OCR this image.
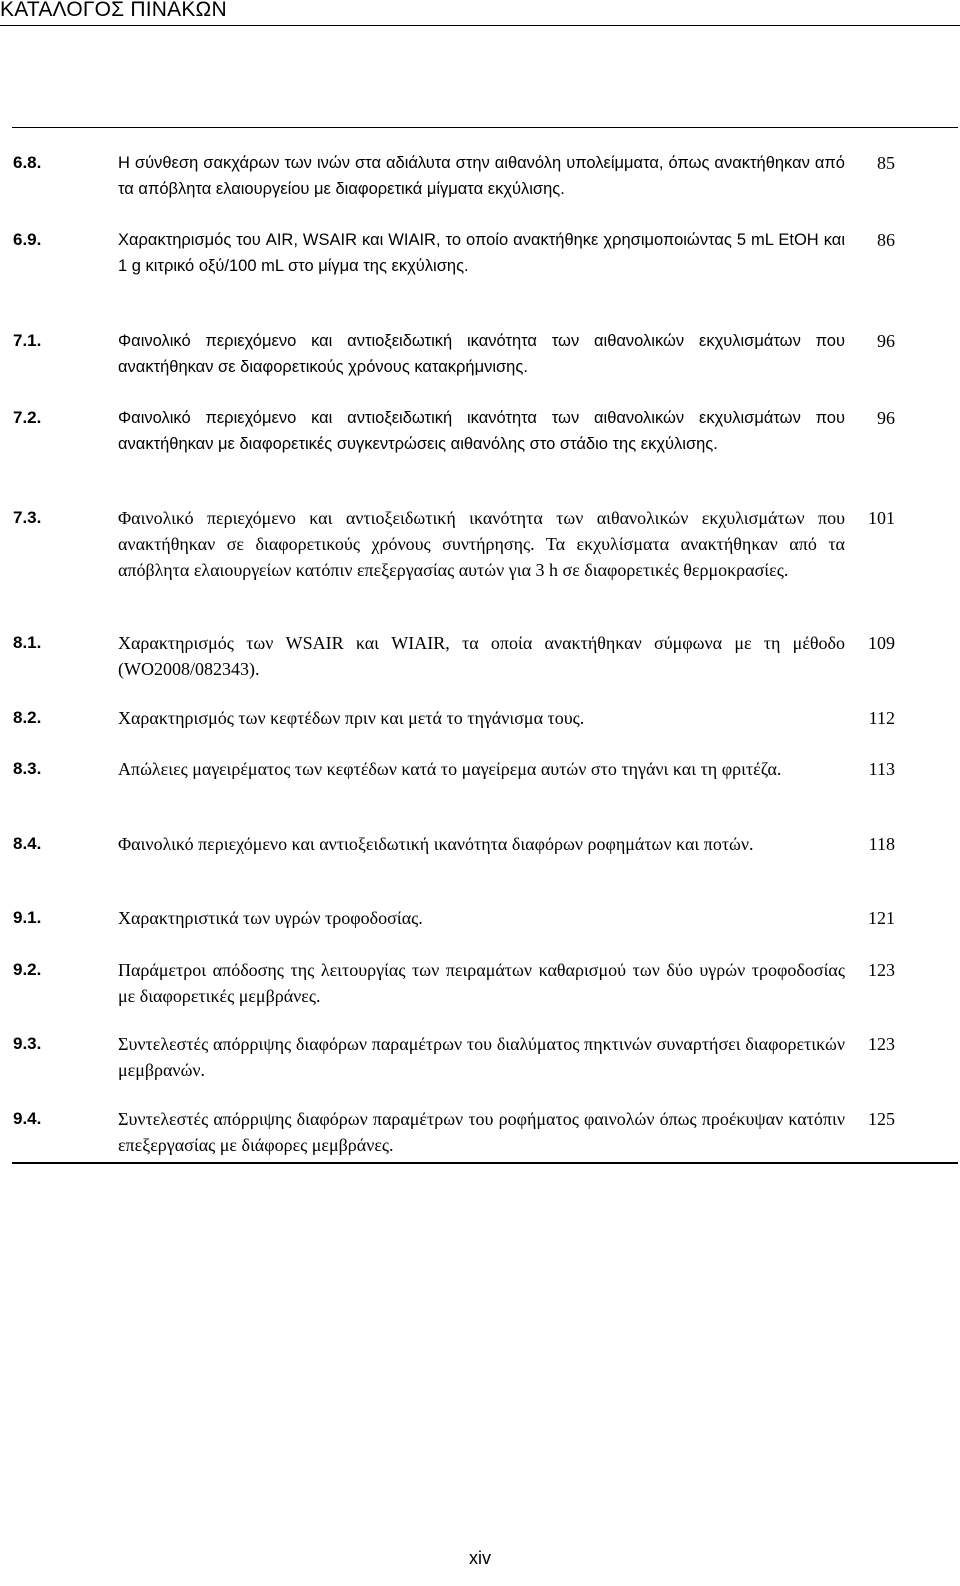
ΚΑΤΑΛΟΓΟΣ ΠΙΝΑΚΩΝ
6.8.	Η σύνθεση σακχάρων των ινών στα αδιάλυτα στην αιθανόλη υπολείμματα, όπως ανακτήθηκαν από τα απόβλητα ελαιουργείου με διαφορετικά μίγματα εκχύλισης.
85
6.9.	Χαρακτηρισμός του AIR, WSAIR και WIAIR, το οποίο ανακτήθηκε χρησιμοποιώντας 5 mL EtOH και 1 g κιτρικό οξύ/100 mL στο μίγμα της εκχύλισης.
86
7.1.	Φαινολικό περιεχόμενο και αντιοξειδωτική ικανότητα των αιθανολικών εκχυλισμάτων που ανακτήθηκαν σε διαφορετικούς χρόνους κατακρήμνισης.
96
7.2.	Φαινολικό περιεχόμενο και αντιοξειδωτική ικανότητα των αιθανολικών εκχυλισμάτων που ανακτήθηκαν με διαφορετικές συγκεντρώσεις αιθανόλης στο στάδιο της εκχύλισης.
96
7.3.	Φαινολικό περιεχόμενο και αντιοξειδωτική ικανότητα των αιθανολικών εκχυλισμάτων που ανακτήθηκαν σε διαφορετικούς χρόνους συντήρησης. Τα εκχυλίσματα ανακτήθηκαν από τα απόβλητα ελαιουργείων κατόπιν επεξεργασίας αυτών για 3 h σε διαφορετικές θερμοκρασίες.
101
8.1.	Χαρακτηρισμός των WSAIR και WIAIR, τα οποία ανακτήθηκαν σύμφωνα με τη μέθοδο (WO2008/082343).
109
8.2.	Χαρακτηρισμός των κεφτέδων πριν και μετά το τηγάνισμα τους.	112
8.3.	Απώλειες μαγειρέματος των κεφτέδων κατά το μαγείρεμα αυτών στο τηγάνι και τη φριτέζα.	113
8.4.	Φαινολικό περιεχόμενο και αντιοξειδωτική ικανότητα διαφόρων ροφημάτων και ποτών.	118
9.1.	Χαρακτηριστικά των υγρών τροφοδοσίας.	121
9.2.	Παράμετροι απόδοσης της λειτουργίας των πειραμάτων καθαρισμού των δύο υγρών τροφοδοσίας με διαφορετικές μεμβράνες.
123
9.3.	Συντελεστές απόρριψης διαφόρων παραμέτρων του διαλύματος πηκτινών συναρτήσει διαφορετικών μεμβρανών.
123
9.4.	Συντελεστές απόρριψης διαφόρων παραμέτρων του ροφήματος φαινολών όπως προέκυψαν κατόπιν επεξεργασίας με διάφορες μεμβράνες.
125
xiv
